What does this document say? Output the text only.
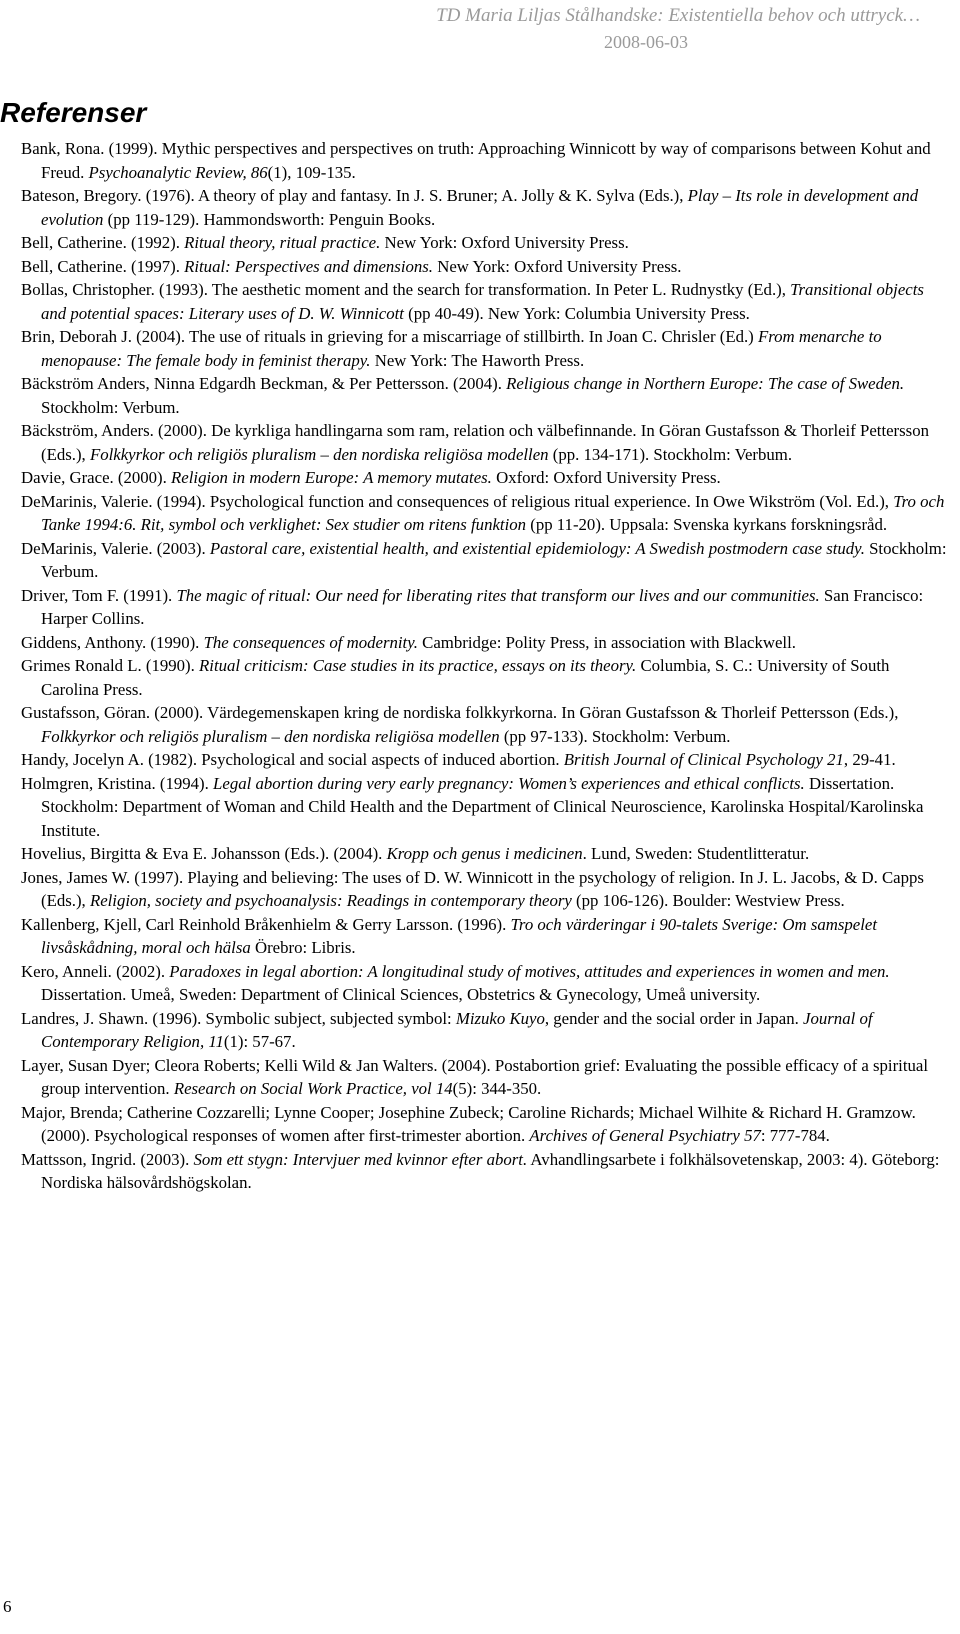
TD Maria Liljas Stålhandske: Existentiella behov och uttryck…
2008-06-03
Referenser
Bank, Rona. (1999). Mythic perspectives and perspectives on truth: Approaching Winnicott by way of comparisons between Kohut and Freud. Psychoanalytic Review, 86(1), 109-135.
Bateson, Bregory. (1976). A theory of play and fantasy. In J. S. Bruner; A. Jolly & K. Sylva (Eds.), Play – Its role in development and evolution (pp 119-129). Hammondsworth: Penguin Books.
Bell, Catherine. (1992). Ritual theory, ritual practice. New York: Oxford University Press.
Bell, Catherine. (1997). Ritual: Perspectives and dimensions. New York: Oxford University Press.
Bollas, Christopher. (1993). The aesthetic moment and the search for transformation. In Peter L. Rudnystky (Ed.), Transitional objects and potential spaces: Literary uses of D. W. Winnicott (pp 40-49). New York: Columbia University Press.
Brin, Deborah J. (2004). The use of rituals in grieving for a miscarriage of stillbirth. In Joan C. Chrisler (Ed.) From menarche to menopause: The female body in feminist therapy. New York: The Haworth Press.
Bäckström Anders, Ninna Edgardh Beckman, & Per Pettersson. (2004). Religious change in Northern Europe: The case of Sweden. Stockholm: Verbum.
Bäckström, Anders. (2000). De kyrkliga handlingarna som ram, relation och välbefinnande. In Göran Gustafsson & Thorleif Pettersson (Eds.), Folkkyrkor och religiös pluralism – den nordiska religiösa modellen (pp. 134-171). Stockholm: Verbum.
Davie, Grace. (2000). Religion in modern Europe: A memory mutates. Oxford: Oxford University Press.
DeMarinis, Valerie. (1994). Psychological function and consequences of religious ritual experience. In Owe Wikström (Vol. Ed.), Tro och Tanke 1994:6. Rit, symbol och verklighet: Sex studier om ritens funktion (pp 11-20). Uppsala: Svenska kyrkans forskningsråd.
DeMarinis, Valerie. (2003). Pastoral care, existential health, and existential epidemiology: A Swedish postmodern case study. Stockholm: Verbum.
Driver, Tom F. (1991). The magic of ritual: Our need for liberating rites that transform our lives and our communities. San Francisco: Harper Collins.
Giddens, Anthony. (1990). The consequences of modernity. Cambridge: Polity Press, in association with Blackwell.
Grimes Ronald L. (1990). Ritual criticism: Case studies in its practice, essays on its theory. Columbia, S. C.: University of South Carolina Press.
Gustafsson, Göran. (2000). Värdegemenskapen kring de nordiska folkkyrkorna. In Göran Gustafsson & Thorleif Pettersson (Eds.), Folkkyrkor och religiös pluralism – den nordiska religiösa modellen (pp 97-133). Stockholm: Verbum.
Handy, Jocelyn A. (1982). Psychological and social aspects of induced abortion. British Journal of Clinical Psychology 21, 29-41.
Holmgren, Kristina. (1994). Legal abortion during very early pregnancy: Women’s experiences and ethical conflicts. Dissertation. Stockholm: Department of Woman and Child Health and the Department of Clinical Neuroscience, Karolinska Hospital/Karolinska Institute.
Hovelius, Birgitta & Eva E. Johansson (Eds.). (2004). Kropp och genus i medicinen. Lund, Sweden: Studentlitteratur.
Jones, James W. (1997). Playing and believing: The uses of D. W. Winnicott in the psychology of religion. In J. L. Jacobs, & D. Capps (Eds.), Religion, society and psychoanalysis: Readings in contemporary theory (pp 106-126). Boulder: Westview Press.
Kallenberg, Kjell, Carl Reinhold Bråkenhielm & Gerry Larsson. (1996). Tro och värderingar i 90-talets Sverige: Om samspelet livsåskådning, moral och hälsa Örebro: Libris.
Kero, Anneli. (2002). Paradoxes in legal abortion: A longitudinal study of motives, attitudes and experiences in women and men. Dissertation. Umeå, Sweden: Department of Clinical Sciences, Obstetrics & Gynecology, Umeå university.
Landres, J. Shawn. (1996). Symbolic subject, subjected symbol: Mizuko Kuyo, gender and the social order in Japan. Journal of Contemporary Religion, 11(1): 57-67.
Layer, Susan Dyer; Cleora Roberts; Kelli Wild & Jan Walters. (2004). Postabortion grief: Evaluating the possible efficacy of a spiritual group intervention. Research on Social Work Practice, vol 14(5): 344-350.
Major, Brenda; Catherine Cozzarelli; Lynne Cooper; Josephine Zubeck; Caroline Richards; Michael Wilhite & Richard H. Gramzow. (2000). Psychological responses of women after first-trimester abortion. Archives of General Psychiatry 57: 777-784.
Mattsson, Ingrid. (2003). Som ett stygn: Intervjuer med kvinnor efter abort. Avhandlingsarbete i folkhälsovetenskap, 2003: 4). Göteborg: Nordiska hälsovårdshögskolan.
6
